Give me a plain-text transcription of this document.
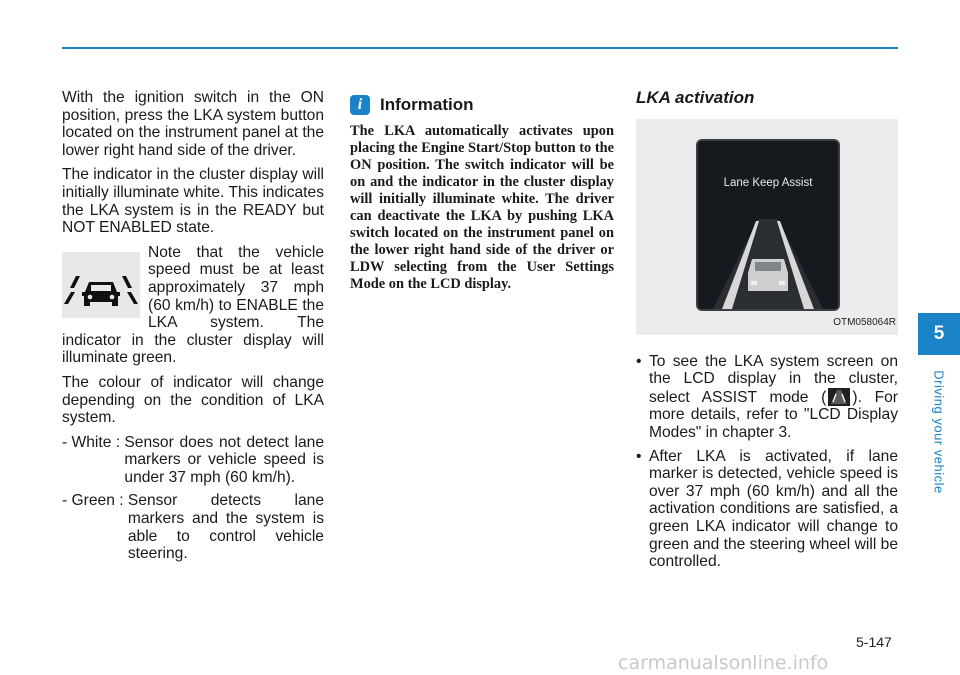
With the ignition switch in the ON position, press the LKA system button located on the instrument panel at the lower right hand side of the driver.

The indicator in the cluster display will initially illuminate white. This indicates the LKA system is in the READY but NOT ENABLED state.

Note that the vehicle speed must be at least approximately 37 mph (60 km/h) to ENABLE the LKA system. The indicator in the cluster display will illuminate green.

The colour of indicator will change depending on the condition of LKA system.

- White : Sensor does not detect lane markers or vehicle speed is under 37 mph (60 km/h).
- Green : Sensor detects lane markers and the system is able to control vehicle steering.
i	Information

The LKA automatically activates upon placing the Engine Start/Stop button to the ON position. The switch indicator will be on and the indicator in the cluster display will initially illuminate white. The driver can deactivate the LKA by pushing LKA switch located on the instrument panel on the lower right hand side of the driver or LDW selecting from the User Settings Mode on the LCD display.

LKA activation
Lane Keep Assist
OTM058064R
• To see the LKA system screen on the LCD display in the cluster, select ASSIST mode ( ). For more details, refer to "LCD Display Modes" in chapter 3.
• After LKA is activated, if lane marker is detected, vehicle speed is over 37 mph (60 km/h) and all the activation conditions are satisfied, a green LKA indicator will change to green and the steering wheel will be controlled.
5
Driving your vehicle
5-147
carmanualsonline.info
